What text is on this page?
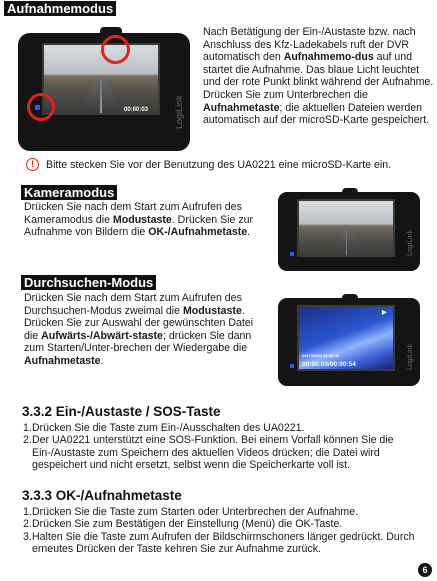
Aufnahmemodus
●
00:00:03	LogiLink
Nach Betätigung der Ein-/Austaste bzw. nach Anschluss des Kfz-Ladekabels ruft der DVR automatisch den Aufnahmemo-dus auf und startet die Aufnahme. Das blaue Licht leuchtet und der rote Punkt blinkt während der Aufnahme. Drücken Sie zum Unterbrechen die Aufnahmetaste; die aktuellen Dateien werden automatisch auf der microSD-Karte gespeichert.
!	Bitte stecken Sie vor der Benutzung des UA0221 eine microSD-Karte ein.
Kameramodus
Drücken Sie nach dem Start zum Aufrufen des Kameramodus die Modustaste. Drücken Sie zur Aufnahme von Bildern die OK-/Aufnahmetaste.	LogiLink
Durchsuchen-Modus
Drücken Sie nach dem Start zum Aufrufen des Durchsuchen-Modus zweimal die Modustaste. Drücken Sie zur Auswahl der gewünschten Datei die Aufwärts-/Abwärt-staste; drücken Sie dann zum Starten/Unter-brechen der Wiedergabe die Aufnahmetaste.
▶
2017/03/14 16:36:46
00:00:03/00:00:54	LogiLink
3.3.2 Ein-/Austaste / SOS-Taste
1. Drücken Sie die Taste zum Ein-/Ausschalten des UA0221.
2. Der UA0221 unterstützt eine SOS-Funktion. Bei einem Vorfall können Sie die Ein-/Austaste zum Speichern des aktuellen Videos drücken; die Datei wird gespeichert und nicht ersetzt, selbst wenn die Speicherkarte voll ist.
3.3.3 OK-/Aufnahmetaste
1. Drücken Sie die Taste zum Starten oder Unterbrechen der Aufnahme.
2. Drücken Sie zum Bestätigen der Einstellung (Menü) die OK-Taste.
3. Halten Sie die Taste zum Aufrufen der Bildschirmschoners länger gedrückt. Durch erneutes Drücken der Taste kehren Sie zur Aufnahme zurück.
6
